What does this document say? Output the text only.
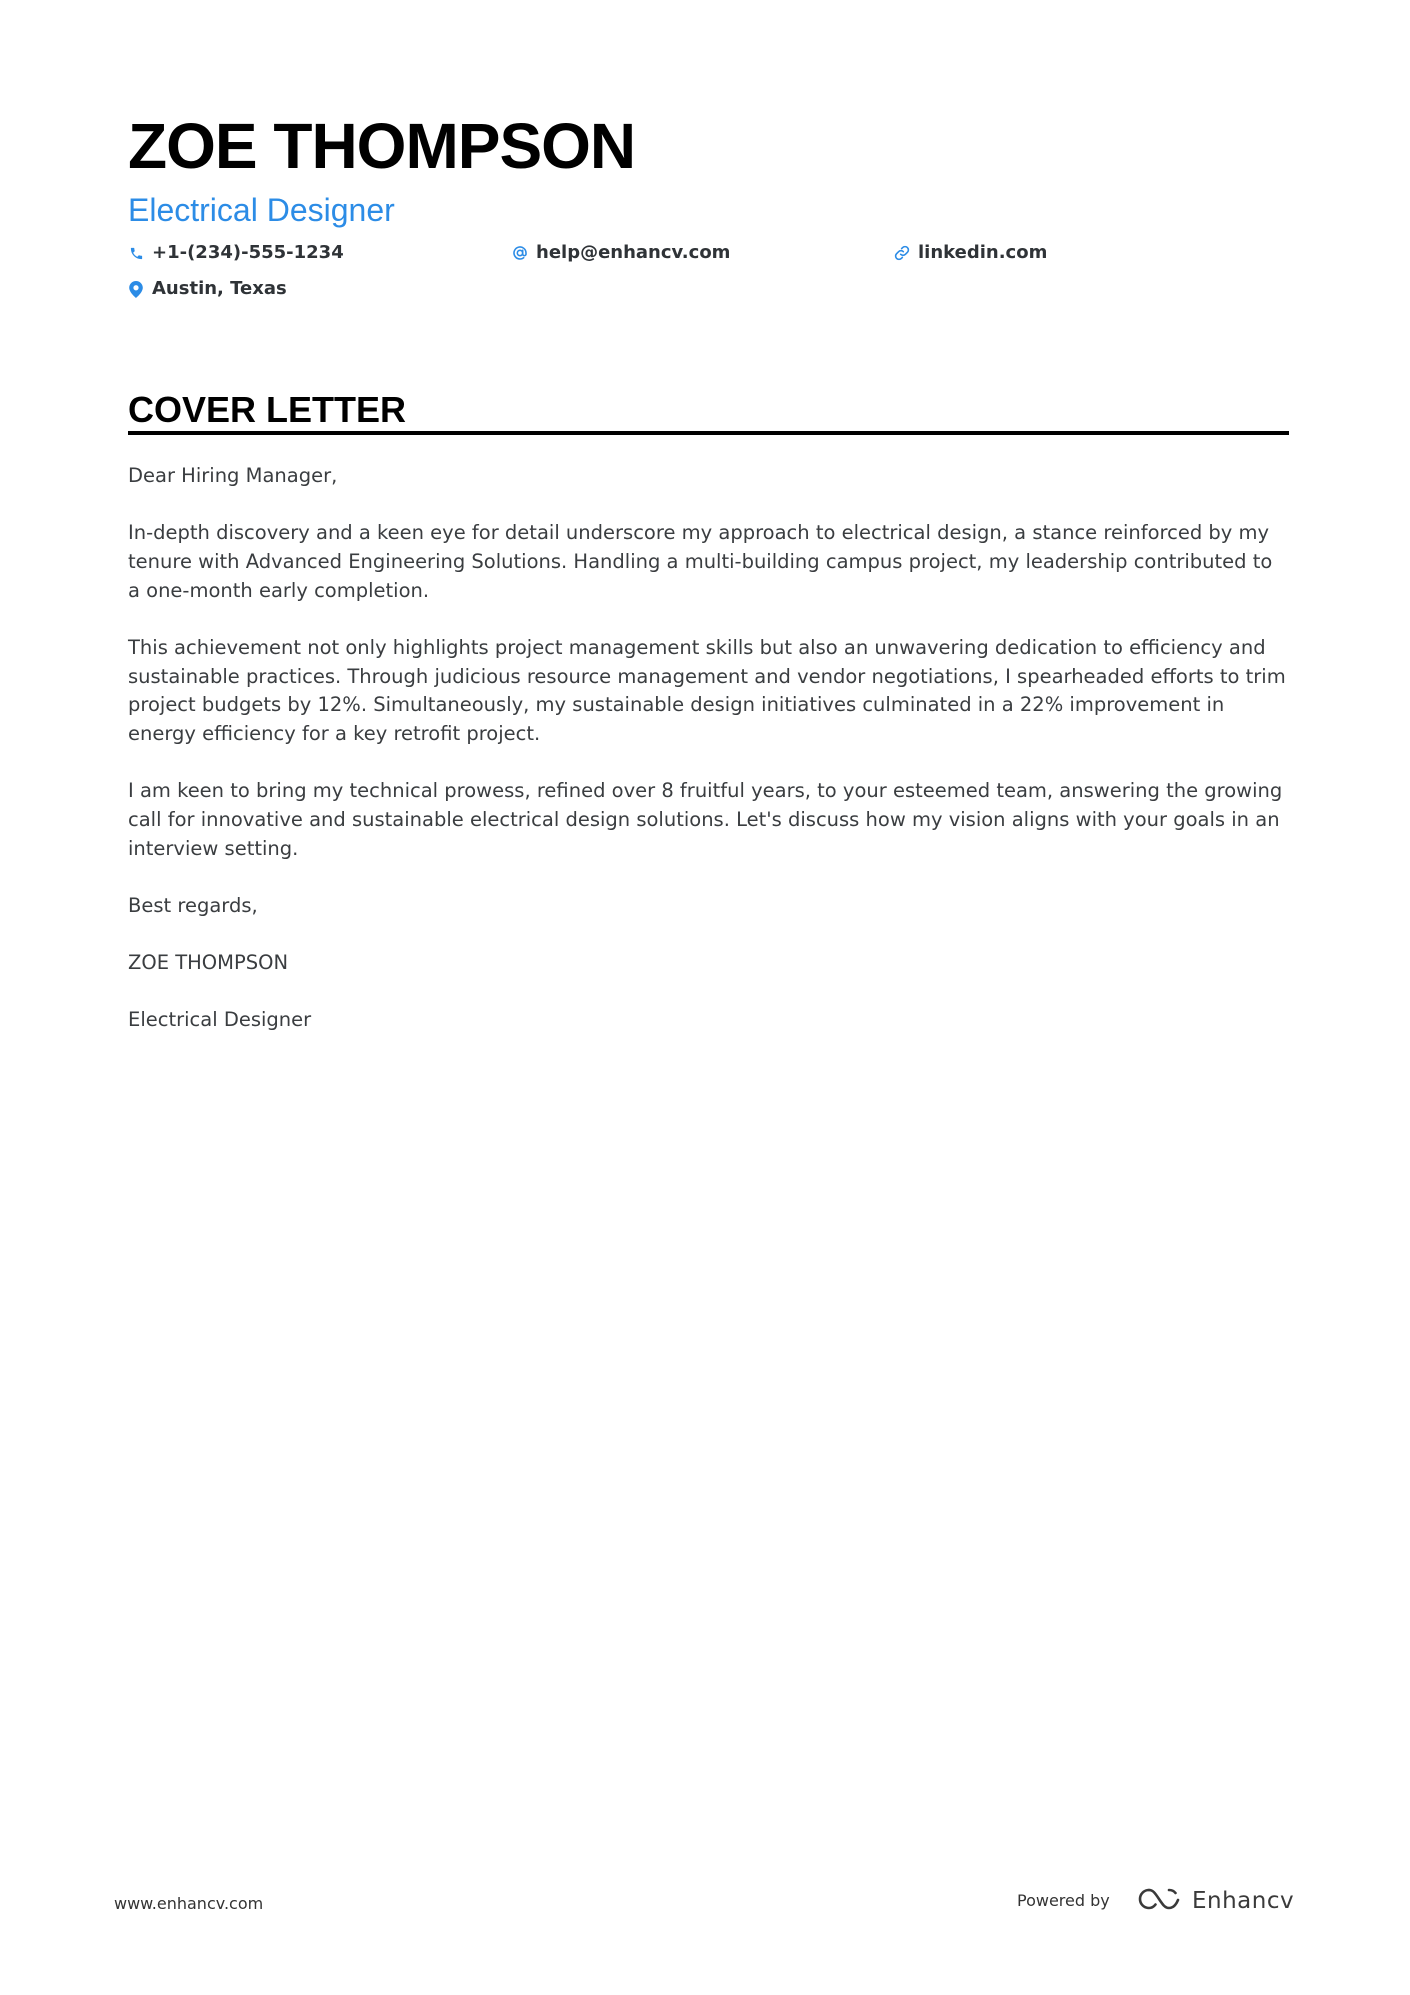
ZOE THOMPSON
Electrical Designer
+1-(234)-555-1234	help@enhancv.com	linkedin.com
Austin, Texas
COVER LETTER

Dear Hiring Manager,

In-depth discovery and a keen eye for detail underscore my approach to electrical design, a stance reinforced by my tenure with Advanced Engineering Solutions. Handling a multi-building campus project, my leadership contributed to a one-month early completion.

This achievement not only highlights project management skills but also an unwavering dedication to efficiency and sustainable practices. Through judicious resource management and vendor negotiations, I spearheaded efforts to trim project budgets by 12%. Simultaneously, my sustainable design initiatives culminated in a 22% improvement in energy efficiency for a key retrofit project.

I am keen to bring my technical prowess, refined over 8 fruitful years, to your esteemed team, answering the growing call for innovative and sustainable electrical design solutions. Let's discuss how my vision aligns with your goals in an interview setting.

Best regards,

ZOE THOMPSON

Electrical Designer

www.enhancv.com	Powered by	Enhancv
